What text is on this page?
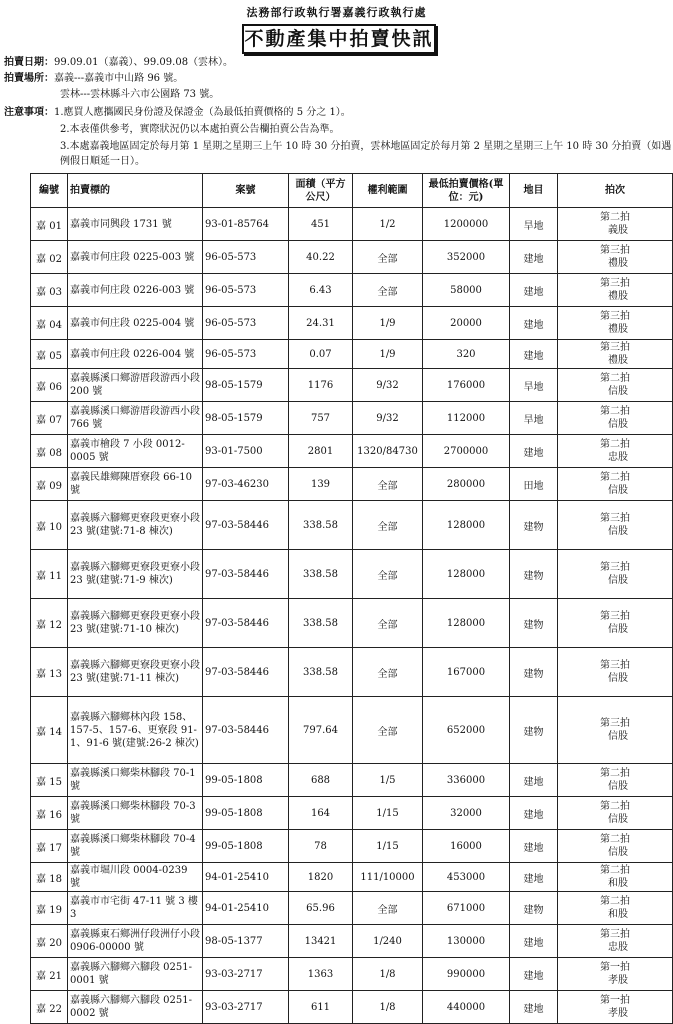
法務部行政執行署嘉義行政執行處
不動產集中拍賣快訊
拍賣日期：99.09.01（嘉義）、99.09.08（雲林）。
拍賣場所：嘉義---嘉義市中山路 96 號。
雲林---雲林縣斗六市公園路 73 號。
注意事項：1.應買人應攜國民身份證及保證金（為最低拍賣價格的 5 分之 1）。
2.本表僅供參考，實際狀況仍以本處拍賣公告欄拍賣公告為準。
3.本處嘉義地區固定於每月第 1 星期之星期三上午 10 時 30 分拍賣，雲林地區固定於每月第 2 星期之星期三上午 10 時 30 分拍賣（如遇例假日順延一日）。
編號	拍賣標的	案號	面積（平方公尺）	權利範圍	最低拍賣價格(單位：元)	地目	拍次
嘉 01	嘉義市同興段 1731 號	93-01-85764	451	1/2	1200000	旱地	第二拍
義股

嘉 02	嘉義市何庄段 0225-003 號	96-05-573	40.22	全部	352000	建地	第三拍
禮股

嘉 03	嘉義市何庄段 0226-003 號	96-05-573	6.43	全部	58000	建地	第三拍
禮股

嘉 04	嘉義市何庄段 0225-004 號	96-05-573	24.31	1/9	20000	建地	第三拍
禮股

嘉 05	嘉義市何庄段 0226-004 號	96-05-573	0.07	1/9	320	建地	第三拍
禮股

嘉 06	嘉義縣溪口鄉游厝段游西小段 200 號	98-05-1579	1176	9/32	176000	旱地	第二拍
信股

嘉 07	嘉義縣溪口鄉游厝段游西小段 766 號	98-05-1579	757	9/32	112000	旱地	第二拍
信股

嘉 08	嘉義市檜段 7 小段 0012-0005 號	93-01-7500	2801	1320/84730	2700000	建地	第二拍
忠股

嘉 09	嘉義民雄鄉陳厝寮段 66-10 號	97-03-46230	139	全部	280000	田地	第二拍
信股

嘉 10	嘉義縣六腳鄉更寮段更寮小段 23 號(建號:71-8 棟次)	97-03-58446	338.58	全部	128000	建物	第三拍
信股

嘉 11	嘉義縣六腳鄉更寮段更寮小段 23 號(建號:71-9 棟次)	97-03-58446	338.58	全部	128000	建物	第三拍
信股

嘉 12	嘉義縣六腳鄉更寮段更寮小段 23 號(建號:71-10 棟次)	97-03-58446	338.58	全部	128000	建物	第三拍
信股

嘉 13	嘉義縣六腳鄉更寮段更寮小段 23 號(建號:71-11 棟次)	97-03-58446	338.58	全部	167000	建物	第三拍
信股

嘉 14	嘉義縣六腳鄉林內段 158、157-5、157-6、更寮段 91-1、91-6 號(建號:26-2 棟次)	97-03-58446	797.64	全部	652000	建物	第三拍
信股

嘉 15	嘉義縣溪口鄉柴林腳段 70-1 號	99-05-1808	688	1/5	336000	建地	第二拍
信股

嘉 16	嘉義縣溪口鄉柴林腳段 70-3 號	99-05-1808	164	1/15	32000	建地	第二拍
信股

嘉 17	嘉義縣溪口鄉柴林腳段 70-4 號	99-05-1808	78	1/15	16000	建地	第二拍
信股

嘉 18	嘉義市堀川段 0004-0239 號	94-01-25410	1820	111/10000	453000	建地	第二拍
和股

嘉 19	嘉義市市宅街 47-11 號 3 樓 3	94-01-25410	65.96	全部	671000	建物	第二拍
和股

嘉 20	嘉義縣東石鄉洲仔段洲仔小段 0906-00000 號	98-05-1377	13421	1/240	130000	建地	第三拍
忠股

嘉 21	嘉義縣六腳鄉六腳段 0251-0001 號	93-03-2717	1363	1/8	990000	建地	第一拍
孝股

嘉 22	嘉義縣六腳鄉六腳段 0251-0002 號	93-03-2717	611	1/8	440000	建地	第一拍
孝股
